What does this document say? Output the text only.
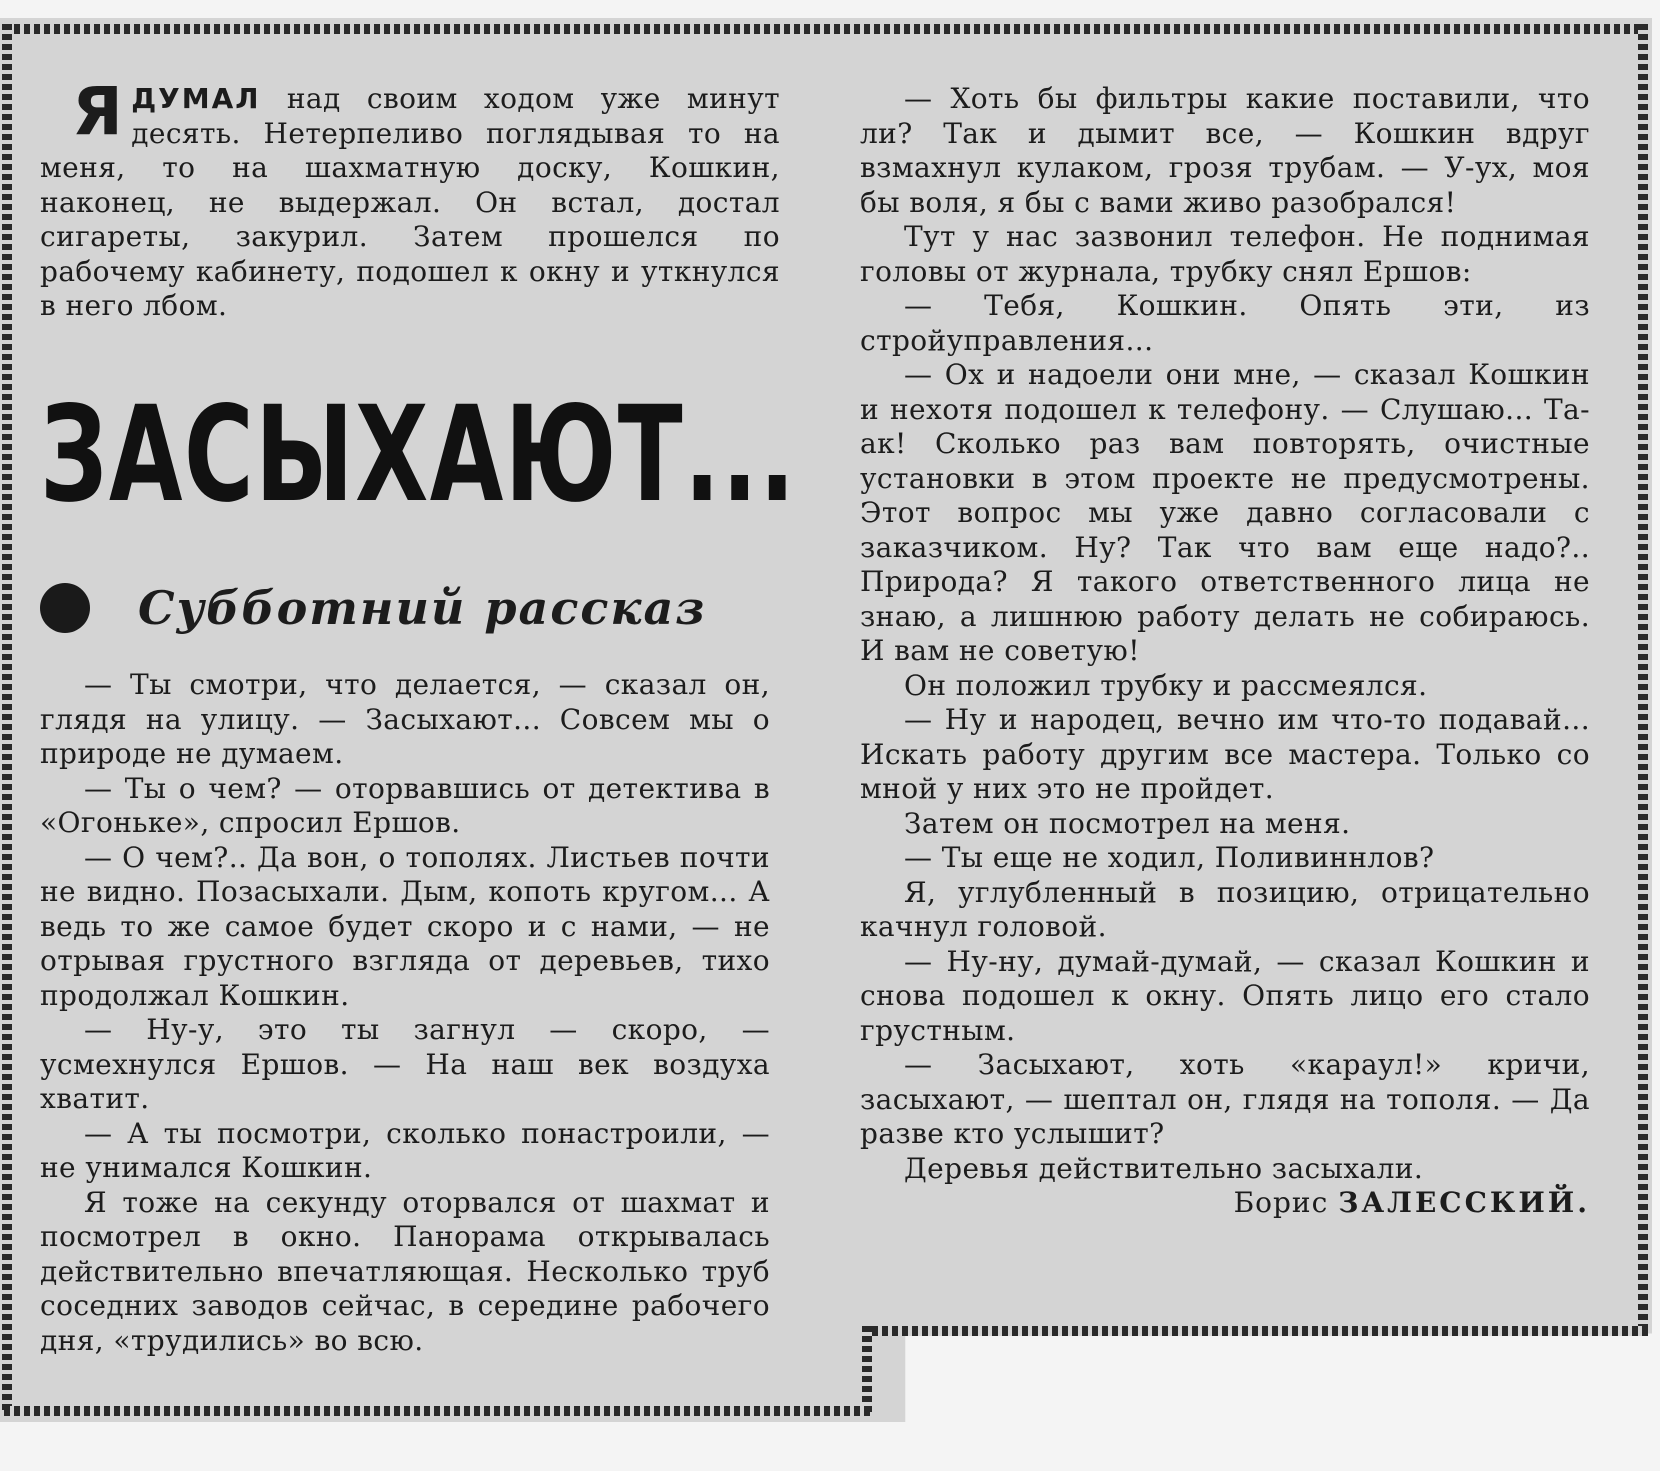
ЯДУМАЛ над своим ходом уже минут десять. Нетерпеливо поглядывая то на меня, то на шахматную доску, Кошкин, наконец, не выдержал. Он встал, достал сигареты, закурил. Затем прошелся по рабочему кабинету, подошел к окну и уткнулся в него лбом.

ЗАСЫХАЮТ...
Субботний рассказ

— Ты смотри, что делается, — сказал он, глядя на улицу. — Засыхают... Совсем мы о природе не думаем.

— Ты о чем? — оторвавшись от детектива в «Огоньке», спросил Ершов.

— О чем?.. Да вон, о тополях. Листьев почти не видно. Позасыхали. Дым, копоть кругом... А ведь то же самое будет скоро и с нами, — не отрывая грустного взгляда от деревьев, тихо продолжал Кошкин.

— Ну-у, это ты загнул — скоро, — усмехнулся Ершов. — На наш век воздуха хватит.

— А ты посмотри, сколько понастроили, — не унимался Кошкин.

Я тоже на секунду оторвался от шахмат и посмотрел в окно. Панорама открывалась действительно впечатляющая. Несколько труб соседних заводов сейчас, в середине рабочего дня, «трудились» во всю.

— Хоть бы фильтры какие поставили, что ли? Так и дымит все, — Кошкин вдруг взмахнул кулаком, грозя трубам. — У-ух, моя бы воля, я бы с вами живо разобрался!

Тут у нас зазвонил телефон. Не поднимая головы от журнала, трубку снял Ершов:

— Тебя, Кошкин. Опять эти, из стройуправления...

— Ох и надоели они мне, — сказал Кошкин и нехотя подошел к телефону. — Слушаю... Та-ак! Сколько раз вам повторять, очистные установки в этом проекте не предусмотрены. Этот вопрос мы уже давно согласовали с заказчиком. Ну? Так что вам еще надо?.. Природа? Я такого ответственного лица не знаю, а лишнюю работу делать не собираюсь. И вам не советую!

Он положил трубку и рассмеялся.

— Ну и народец, вечно им что-то подавай... Искать работу другим все мастера. Только со мной у них это не пройдет.

Затем он посмотрел на меня.

— Ты еще не ходил, Поливиннлов?

Я, углубленный в позицию, отрицательно качнул головой.

— Ну-ну, думай-думай, — сказал Кошкин и снова подошел к окну. Опять лицо его стало грустным.

— Засыхают, хоть «караул!» кричи, засыхают, — шептал он, глядя на тополя. — Да разве кто услышит?

Деревья действительно засыхали.

Борис ЗАЛЕССКИЙ.
